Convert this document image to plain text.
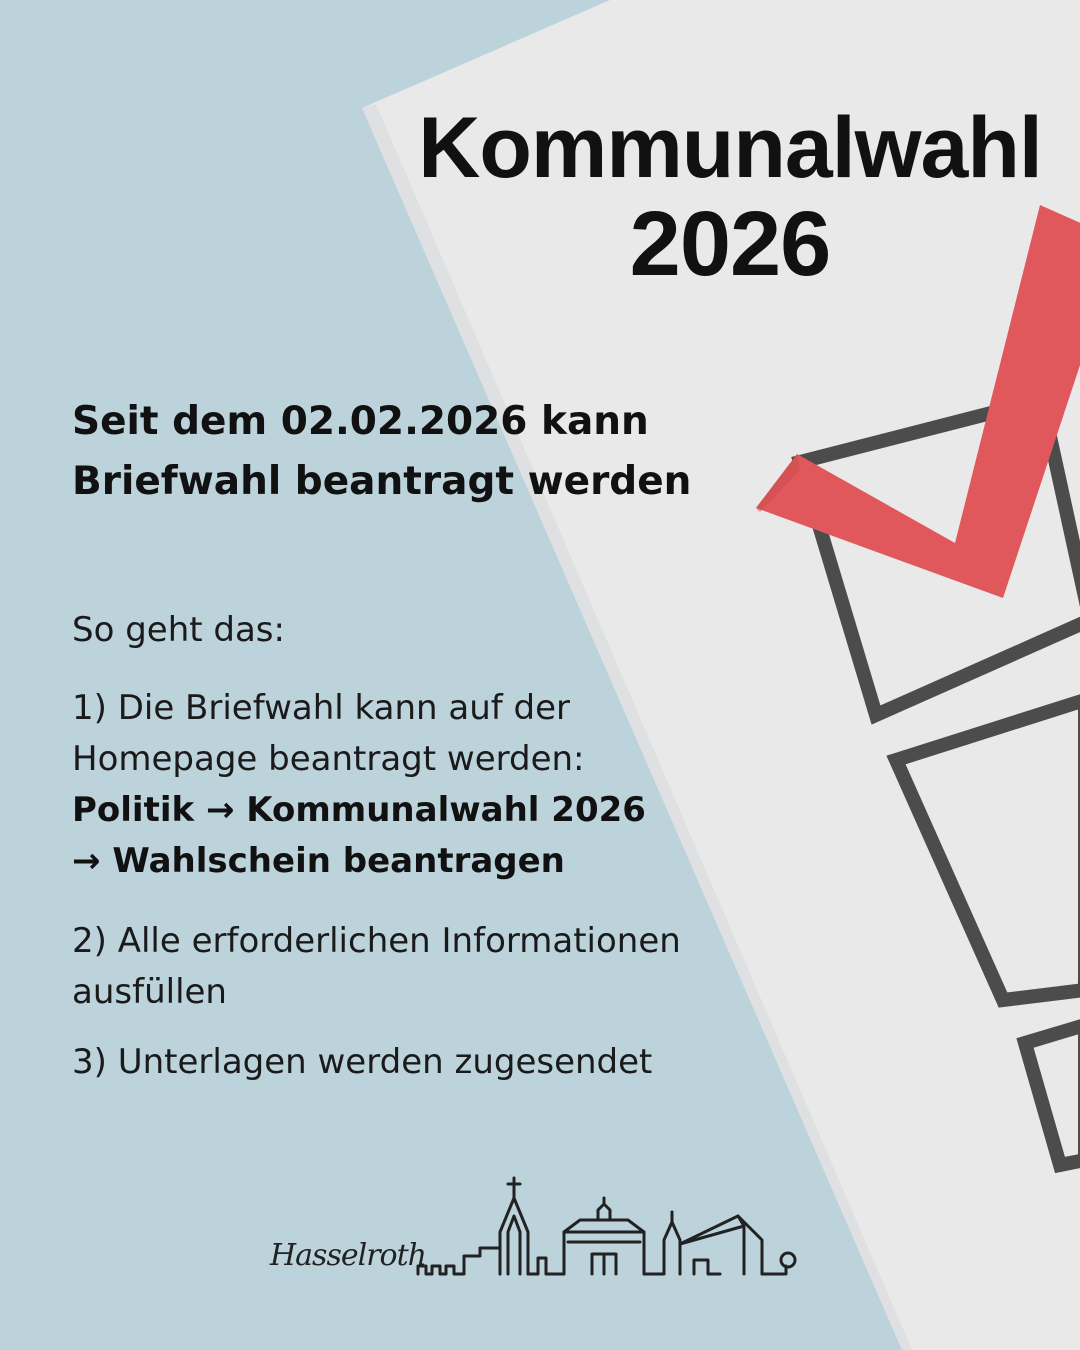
Kommunalwahl
2026
Seit dem 02.02.2026 kann
Briefwahl beantragt werden
So geht das:
1) Die Briefwahl kann auf der
Homepage beantragt werden:
Politik → Kommunalwahl 2026
→ Wahlschein beantragen
2) Alle erforderlichen Informationen
ausfüllen
3) Unterlagen werden zugesendet
Hasselroth
